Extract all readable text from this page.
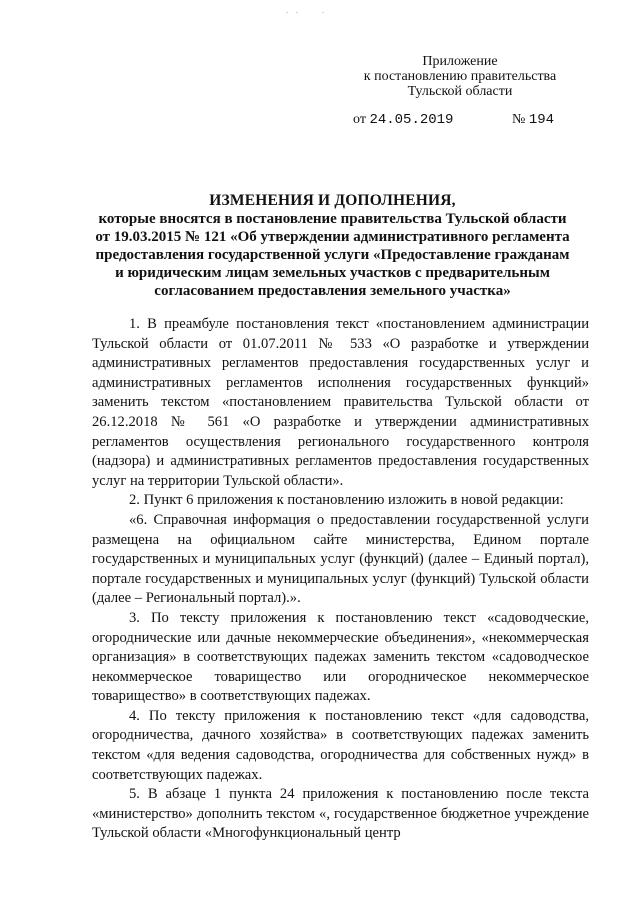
Приложение
к постановлению правительства
Тульской области
от 24.05.2019	№ 194
ИЗМЕНЕНИЯ И ДОПОЛНЕНИЯ,
которые вносятся в постановление правительства Тульской области
от 19.03.2015 № 121 «Об утверждении административного регламента
предоставления государственной услуги «Предоставление гражданам
и юридическим лицам земельных участков с предварительным
согласованием предоставления земельного участка»

1. В преамбуле постановления текст «постановлением администрации Тульской области от 01.07.2011 № 533 «О разработке и утверждении административных регламентов предоставления государственных услуг и административных регламентов исполнения государственных функций» заменить текстом «постановлением правительства Тульской области от 26.12.2018 № 561 «О разработке и утверждении административных регламентов осуществления регионального государственного контроля (надзора) и административных регламентов предоставления государственных услуг на территории Тульской области».

2. Пункт 6 приложения к постановлению изложить в новой редакции:

«6. Справочная информация о предоставлении государственной услуги размещена на официальном сайте министерства, Едином портале государственных и муниципальных услуг (функций) (далее – Единый портал), портале государственных и муниципальных услуг (функций) Тульской области (далее – Региональный портал).».

3. По тексту приложения к постановлению текст «садоводческие, огороднические или дачные некоммерческие объединения», «некоммерческая организация» в соответствующих падежах заменить текстом «садоводческое некоммерческое товарищество или огородническое некоммерческое товарищество» в соответствующих падежах.

4. По тексту приложения к постановлению текст «для садоводства, огородничества, дачного хозяйства» в соответствующих падежах заменить текстом «для ведения садоводства, огородничества для собственных нужд» в соответствующих падежах.

5. В абзаце 1 пункта 24 приложения к постановлению после текста «министерство» дополнить текстом «, государственное бюджетное учреждение Тульской области «Многофункциональный центр
